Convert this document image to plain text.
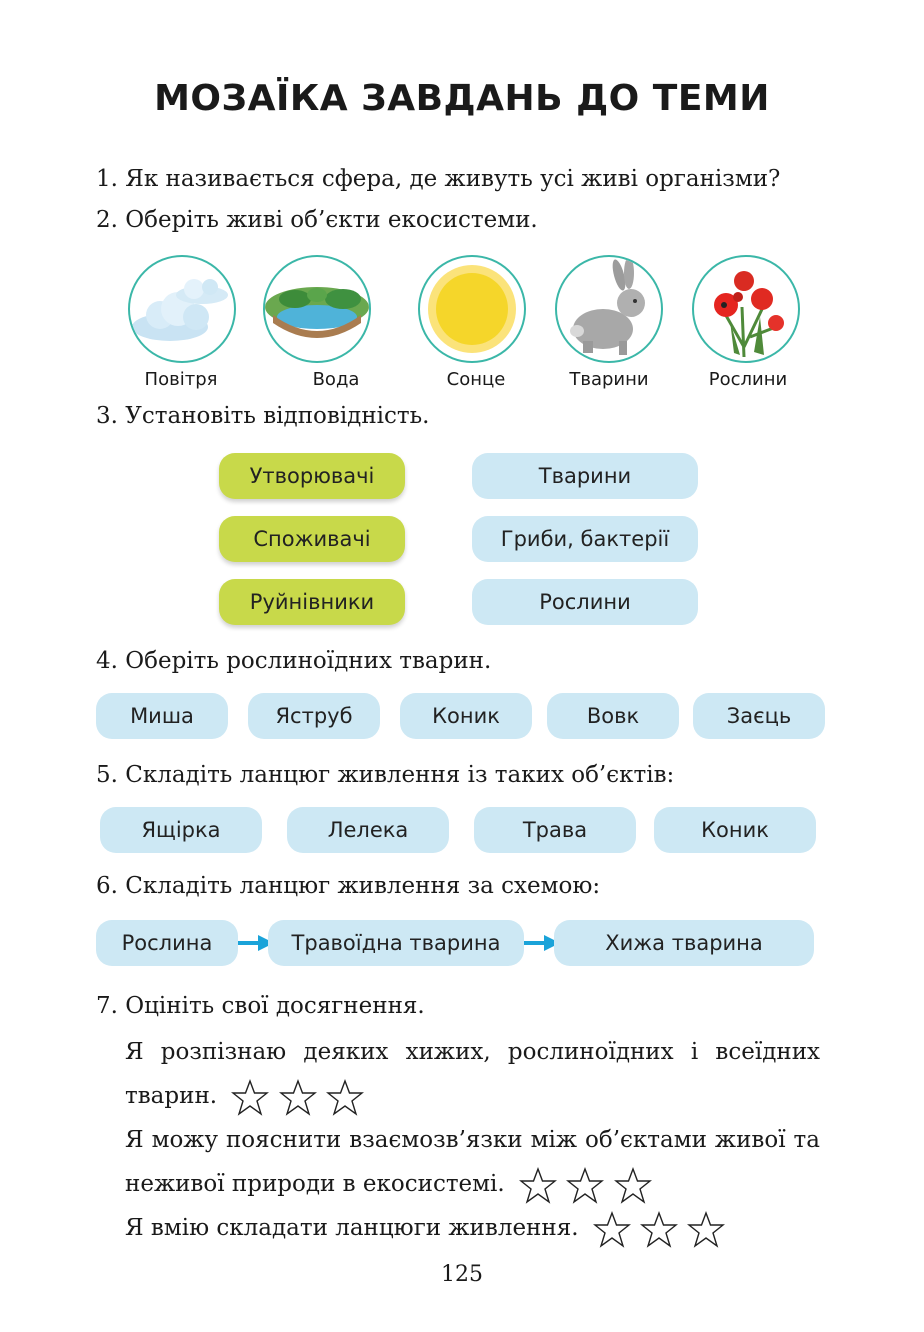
МОЗАЇКА ЗАВДАНЬ ДО ТЕМИ
1. Як називається сфера, де живуть усі живі організми?
2. Оберіть живі об’єкти екосистеми.
Повітря	Вода	Сонце	Тварини	Рослини
3. Установіть відповідність.
Утворювачі
Споживачі
Руйнівники
Тварини
Гриби, бактерії
Рослини
4. Оберіть рослиноїдних тварин.
Миша	Яструб	Коник	Вовк	Заєць
5. Складіть ланцюг живлення із таких об’єктів:
Ящірка	Лелека	Трава	Коник
6. Складіть ланцюг живлення за схемою:
Рослина	Травоїдна тварина	Хижа тварина
7. Оцініть свої досягнення.
Я розпізнаю деяких хижих, рослиноїдних і всеїдних тварин.
Я можу пояснити взаємозв’язки між об’єктами живої та неживої природи в екосистемі.
Я вмію складати ланцюги живлення.
125
